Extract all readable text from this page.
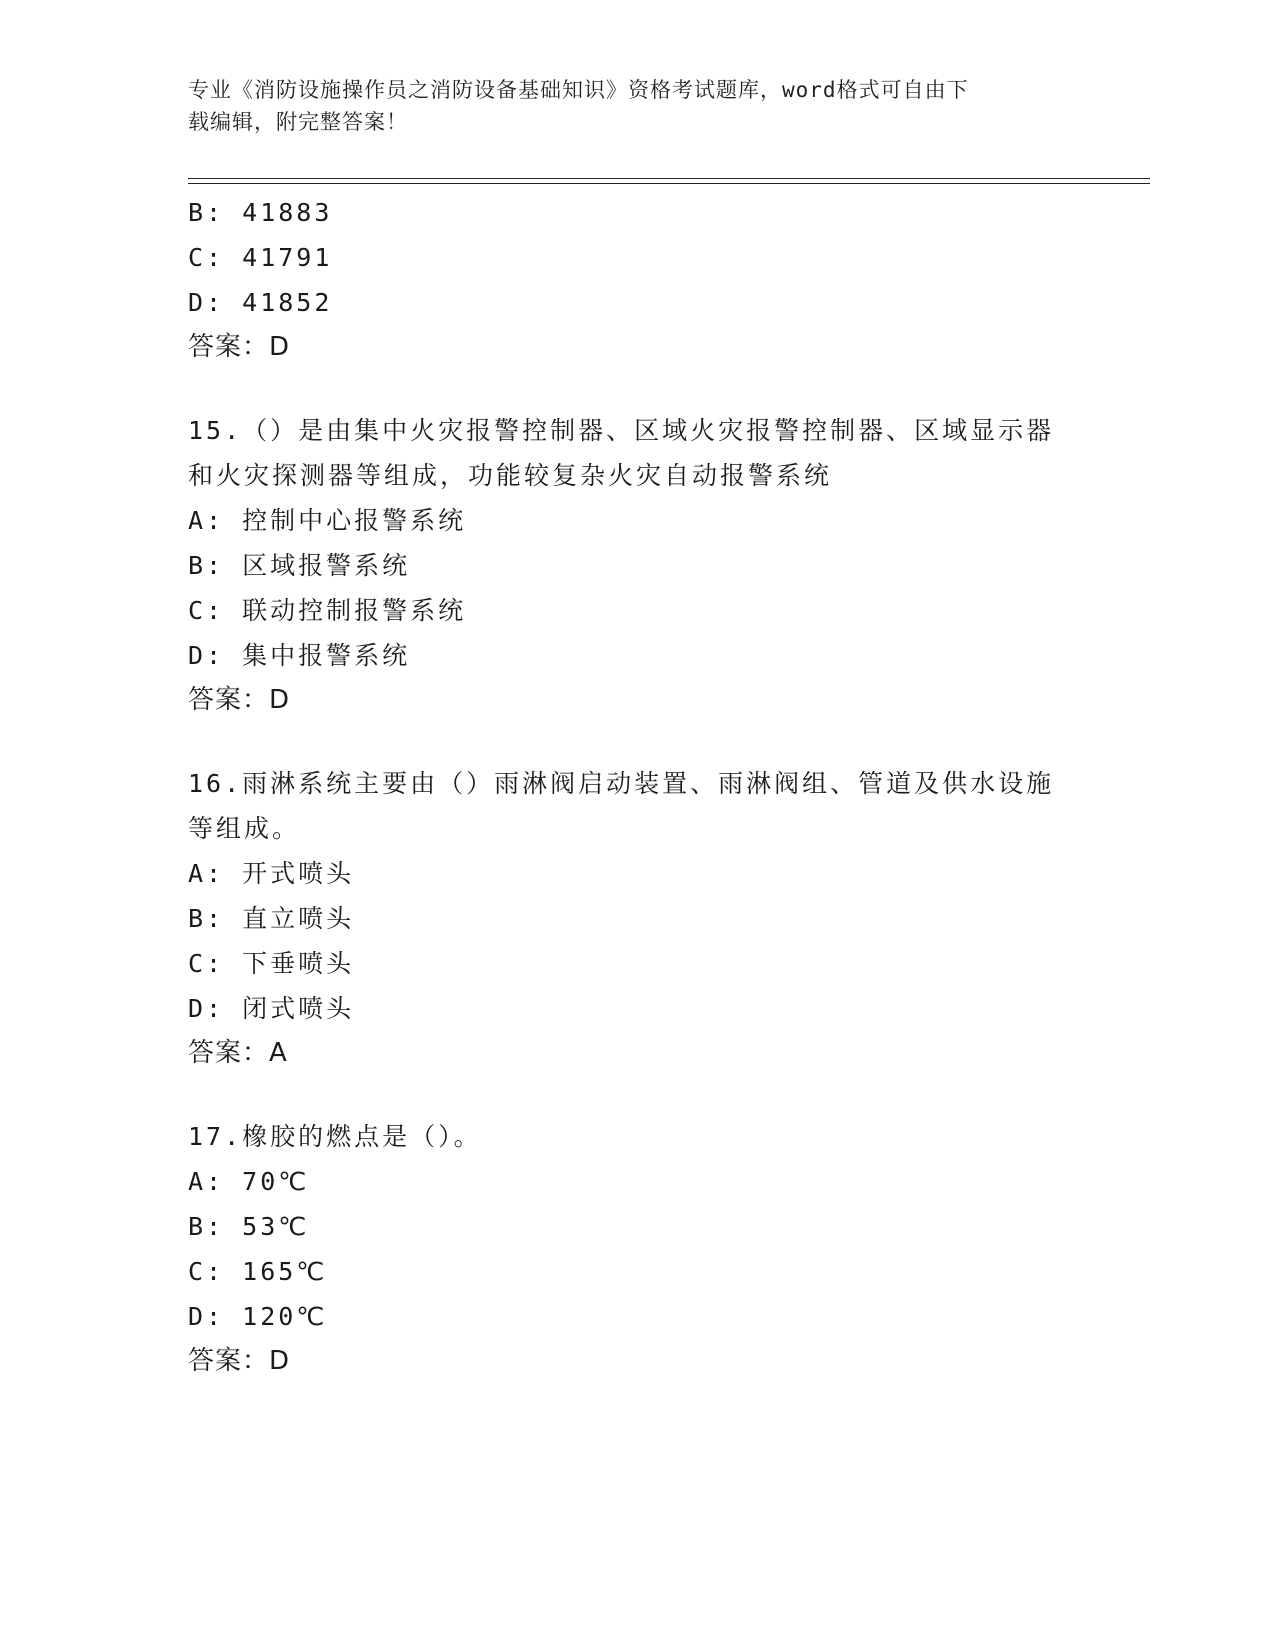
专业《消防设施操作员之消防设备基础知识》资格考试题库，word格式可自由下
载编辑，附完整答案！
B: 41883
C: 41791
D: 41852
答案：D
15.（）是由集中火灾报警控制器、区域火灾报警控制器、区域显示器
和火灾探测器等组成，功能较复杂火灾自动报警系统
A: 控制中心报警系统
B: 区域报警系统
C: 联动控制报警系统
D: 集中报警系统
答案：D
16.雨淋系统主要由（）雨淋阀启动装置、雨淋阀组、管道及供水设施
等组成。
A: 开式喷头
B: 直立喷头
C: 下垂喷头
D: 闭式喷头
答案：A
17.橡胶的燃点是（）。
A: 70℃
B: 53℃
C: 165℃
D: 120℃
答案：D
